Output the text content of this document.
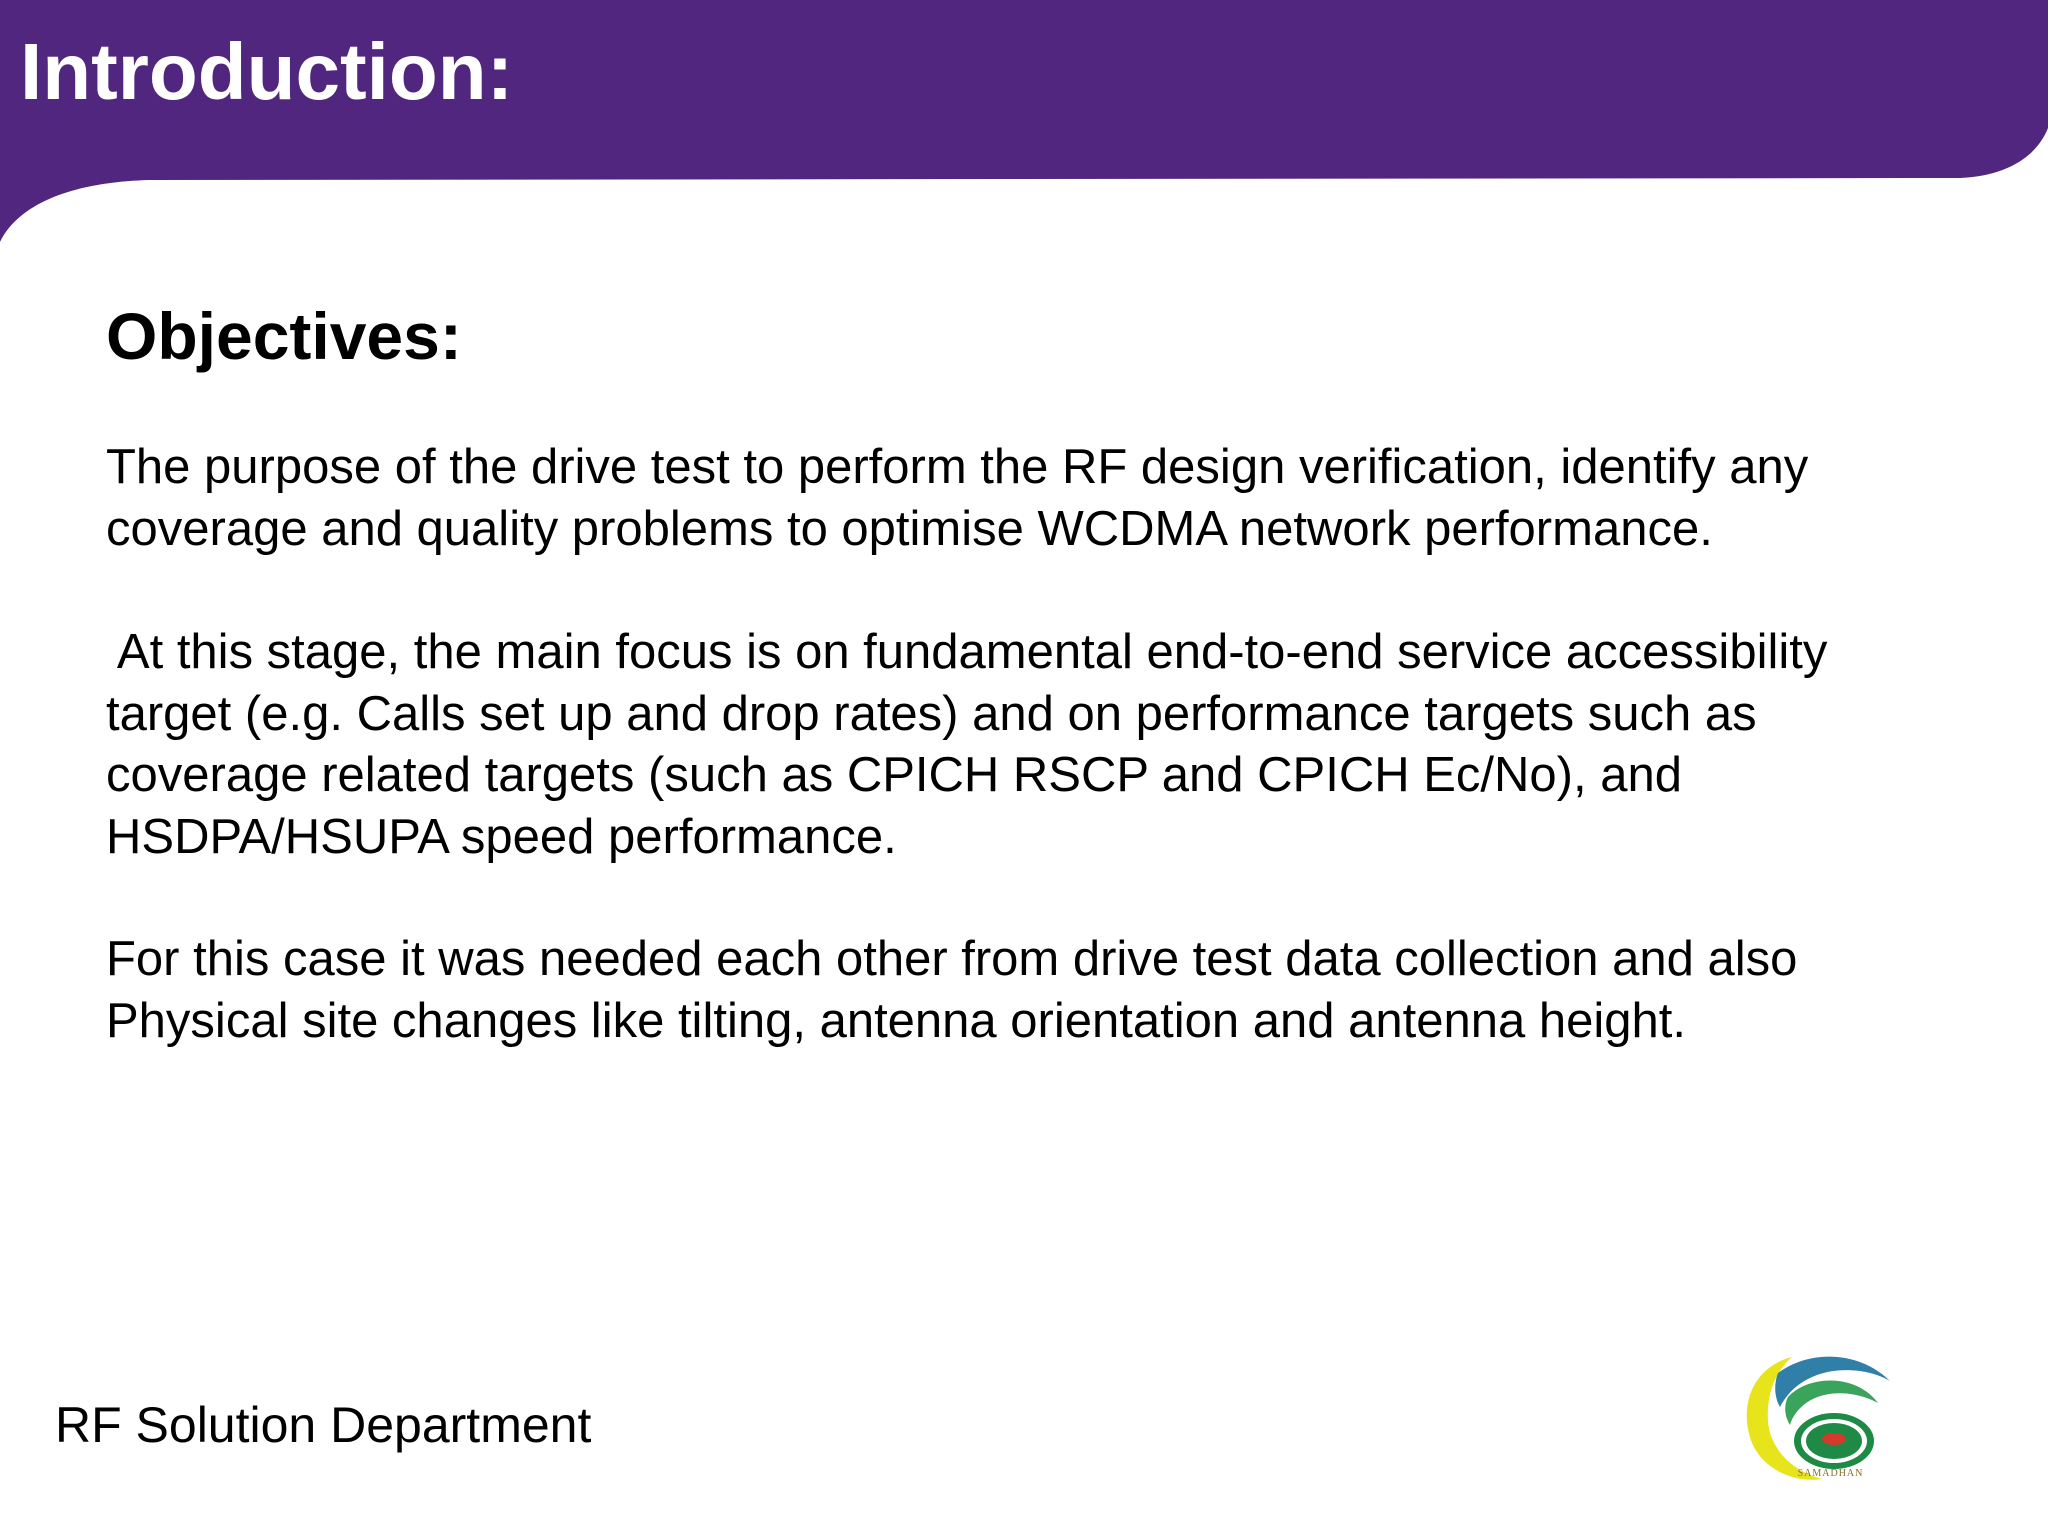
Introduction:
Objectives:

The purpose of the drive test to perform the RF design verification, identify any
coverage and quality problems to optimise WCDMA network performance.

At this stage, the main focus is on fundamental end-to-end service accessibility
target (e.g. Calls set up and drop rates) and on performance targets such as
coverage related targets (such as CPICH RSCP and CPICH Ec/No), and
HSDPA/HSUPA speed performance.

For this case it was needed each other from drive test data collection and also
Physical site changes like tilting, antenna orientation and antenna height.

RF Solution Department

SAMADHAN
